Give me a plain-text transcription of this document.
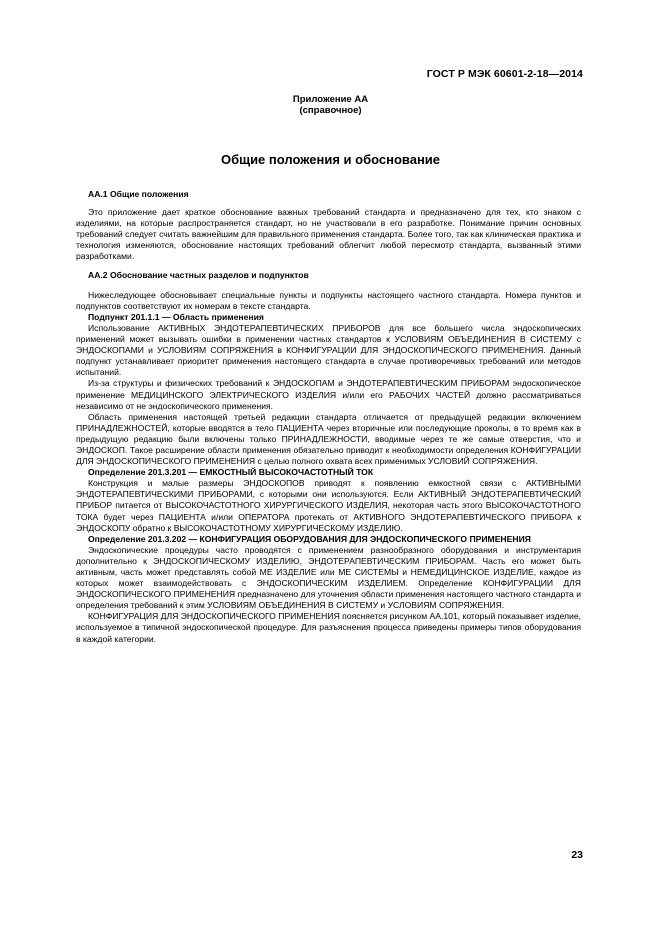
ГОСТ Р МЭК 60601-2-18—2014
Приложение АА
(справочное)
Общие положения и обоснование
АА.1 Общие положения

Это приложение дает краткое обоснование важных требований стандарта и предназначено для тех, кто знаком с изделиями, на которые распространяется стандарт, но не участвовали в его разработке. Понимание причин основных требований следует считать важнейшим для правильного применения стандарта. Более того, так как клиническая практика и технология изменяются, обоснование настоящих требований облегчит любой пересмотр стандарта, вызванный этими разработками.

АА.2 Обоснование частных разделов и подпунктов

Нижеследующее обосновывает специальные пункты и подпункты настоящего частного стандарта. Номера пунктов и подпунктов соответствуют их номерам в тексте стандарта.

Подпункт 201.1.1 — Область применения

Использование АКТИВНЫХ ЭНДОТЕРАПЕВТИЧЕСКИХ ПРИБОРОВ для все большего числа эндоскопических применений может вызывать ошибки в применении частных стандартов к УСЛОВИЯМ ОБЪЕДИНЕНИЯ В СИСТЕМУ с ЭНДОСКОПАМИ и УСЛОВИЯМ СОПРЯЖЕНИЯ в КОНФИГУРАЦИИ ДЛЯ ЭНДОСКОПИЧЕСКОГО ПРИМЕНЕНИЯ. Данный подпункт устанавливает приоритет применения настоящего стандарта в случае противоречивых требований или методов испытаний.

Из-за структуры и физических требований к ЭНДОСКОПАМ и ЭНДОТЕРАПЕВТИЧЕСКИМ ПРИБОРАМ эндоскопическое применение МЕДИЦИНСКОГО ЭЛЕКТРИЧЕСКОГО ИЗДЕЛИЯ и/или его РАБОЧИХ ЧАСТЕЙ должно рассматриваться независимо от не эндоскопического применения.

Область применения настоящей третьей редакции стандарта отличается от предыдущей редакции включением ПРИНАДЛЕЖНОСТЕЙ, которые вводятся в тело ПАЦИЕНТА через вторичные или последующие проколы, в то время как в предыдущую редакцию были включены только ПРИНАДЛЕЖНОСТИ, вводимые через те же самые отверстия, что и ЭНДОСКОП. Такое расширение области применения обязательно приводит к необходимости определения КОНФИГУРАЦИИ ДЛЯ ЭНДОСКОПИЧЕСКОГО ПРИМЕНЕНИЯ с целью полного охвата всех применимых УСЛОВИЙ СОПРЯЖЕНИЯ.

Определение 201.3.201 — ЕМКОСТНЫЙ ВЫСОКОЧАСТОТНЫЙ ТОК

Конструкция и малые размеры ЭНДОСКОПОВ приводят к появлению емкостной связи с АКТИВНЫМИ ЭНДОТЕРАПЕВТИЧЕСКИМИ ПРИБОРАМИ, с которыми они используются. Если АКТИВНЫЙ ЭНДОТЕРАПЕВТИЧЕСКИЙ ПРИБОР питается от ВЫСОКОЧАСТОТНОГО ХИРУРГИЧЕСКОГО ИЗДЕЛИЯ, некоторая часть этого ВЫСОКОЧАСТОТНОГО ТОКА будет через ПАЦИЕНТА и/или ОПЕРАТОРА протекать от АКТИВНОГО ЭНДОТЕРАПЕВТИЧЕСКОГО ПРИБОРА к ЭНДОСКОПУ обратно к ВЫСОКОЧАСТОТНОМУ ХИРУРГИЧЕСКОМУ ИЗДЕЛИЮ.

Определение 201.3.202 — КОНФИГУРАЦИЯ ОБОРУДОВАНИЯ ДЛЯ ЭНДОСКОПИЧЕСКОГО ПРИМЕНЕНИЯ

Эндоскопические процедуры часто проводятся с применением разнообразного оборудования и инструментария дополнительно к ЭНДОСКОПИЧЕСКОМУ ИЗДЕЛИЮ, ЭНДОТЕРАПЕВТИЧЕСКИМ ПРИБОРАМ. Часть его может быть активным, часть может представлять собой МЕ ИЗДЕЛИЕ или МЕ СИСТЕМЫ и НЕМЕДИЦИНСКОЕ ИЗДЕЛИЕ, каждое из которых может взаимодействовать с ЭНДОСКОПИЧЕСКИМ ИЗДЕЛИЕМ. Определение КОНФИГУРАЦИИ ДЛЯ ЭНДОСКОПИЧЕСКОГО ПРИМЕНЕНИЯ предназначено для уточнения области применения настоящего частного стандарта и определения требований к этим УСЛОВИЯМ ОБЪЕДИНЕНИЯ В СИСТЕМУ и УСЛОВИЯМ СОПРЯЖЕНИЯ.

КОНФИГУРАЦИЯ ДЛЯ ЭНДОСКОПИЧЕСКОГО ПРИМЕНЕНИЯ поясняется рисунком АА.101, который показывает изделие, используемое в типичной эндоскопической процедуре. Для разъяснения процесса приведены примеры типов оборудования в каждой категории.

23
